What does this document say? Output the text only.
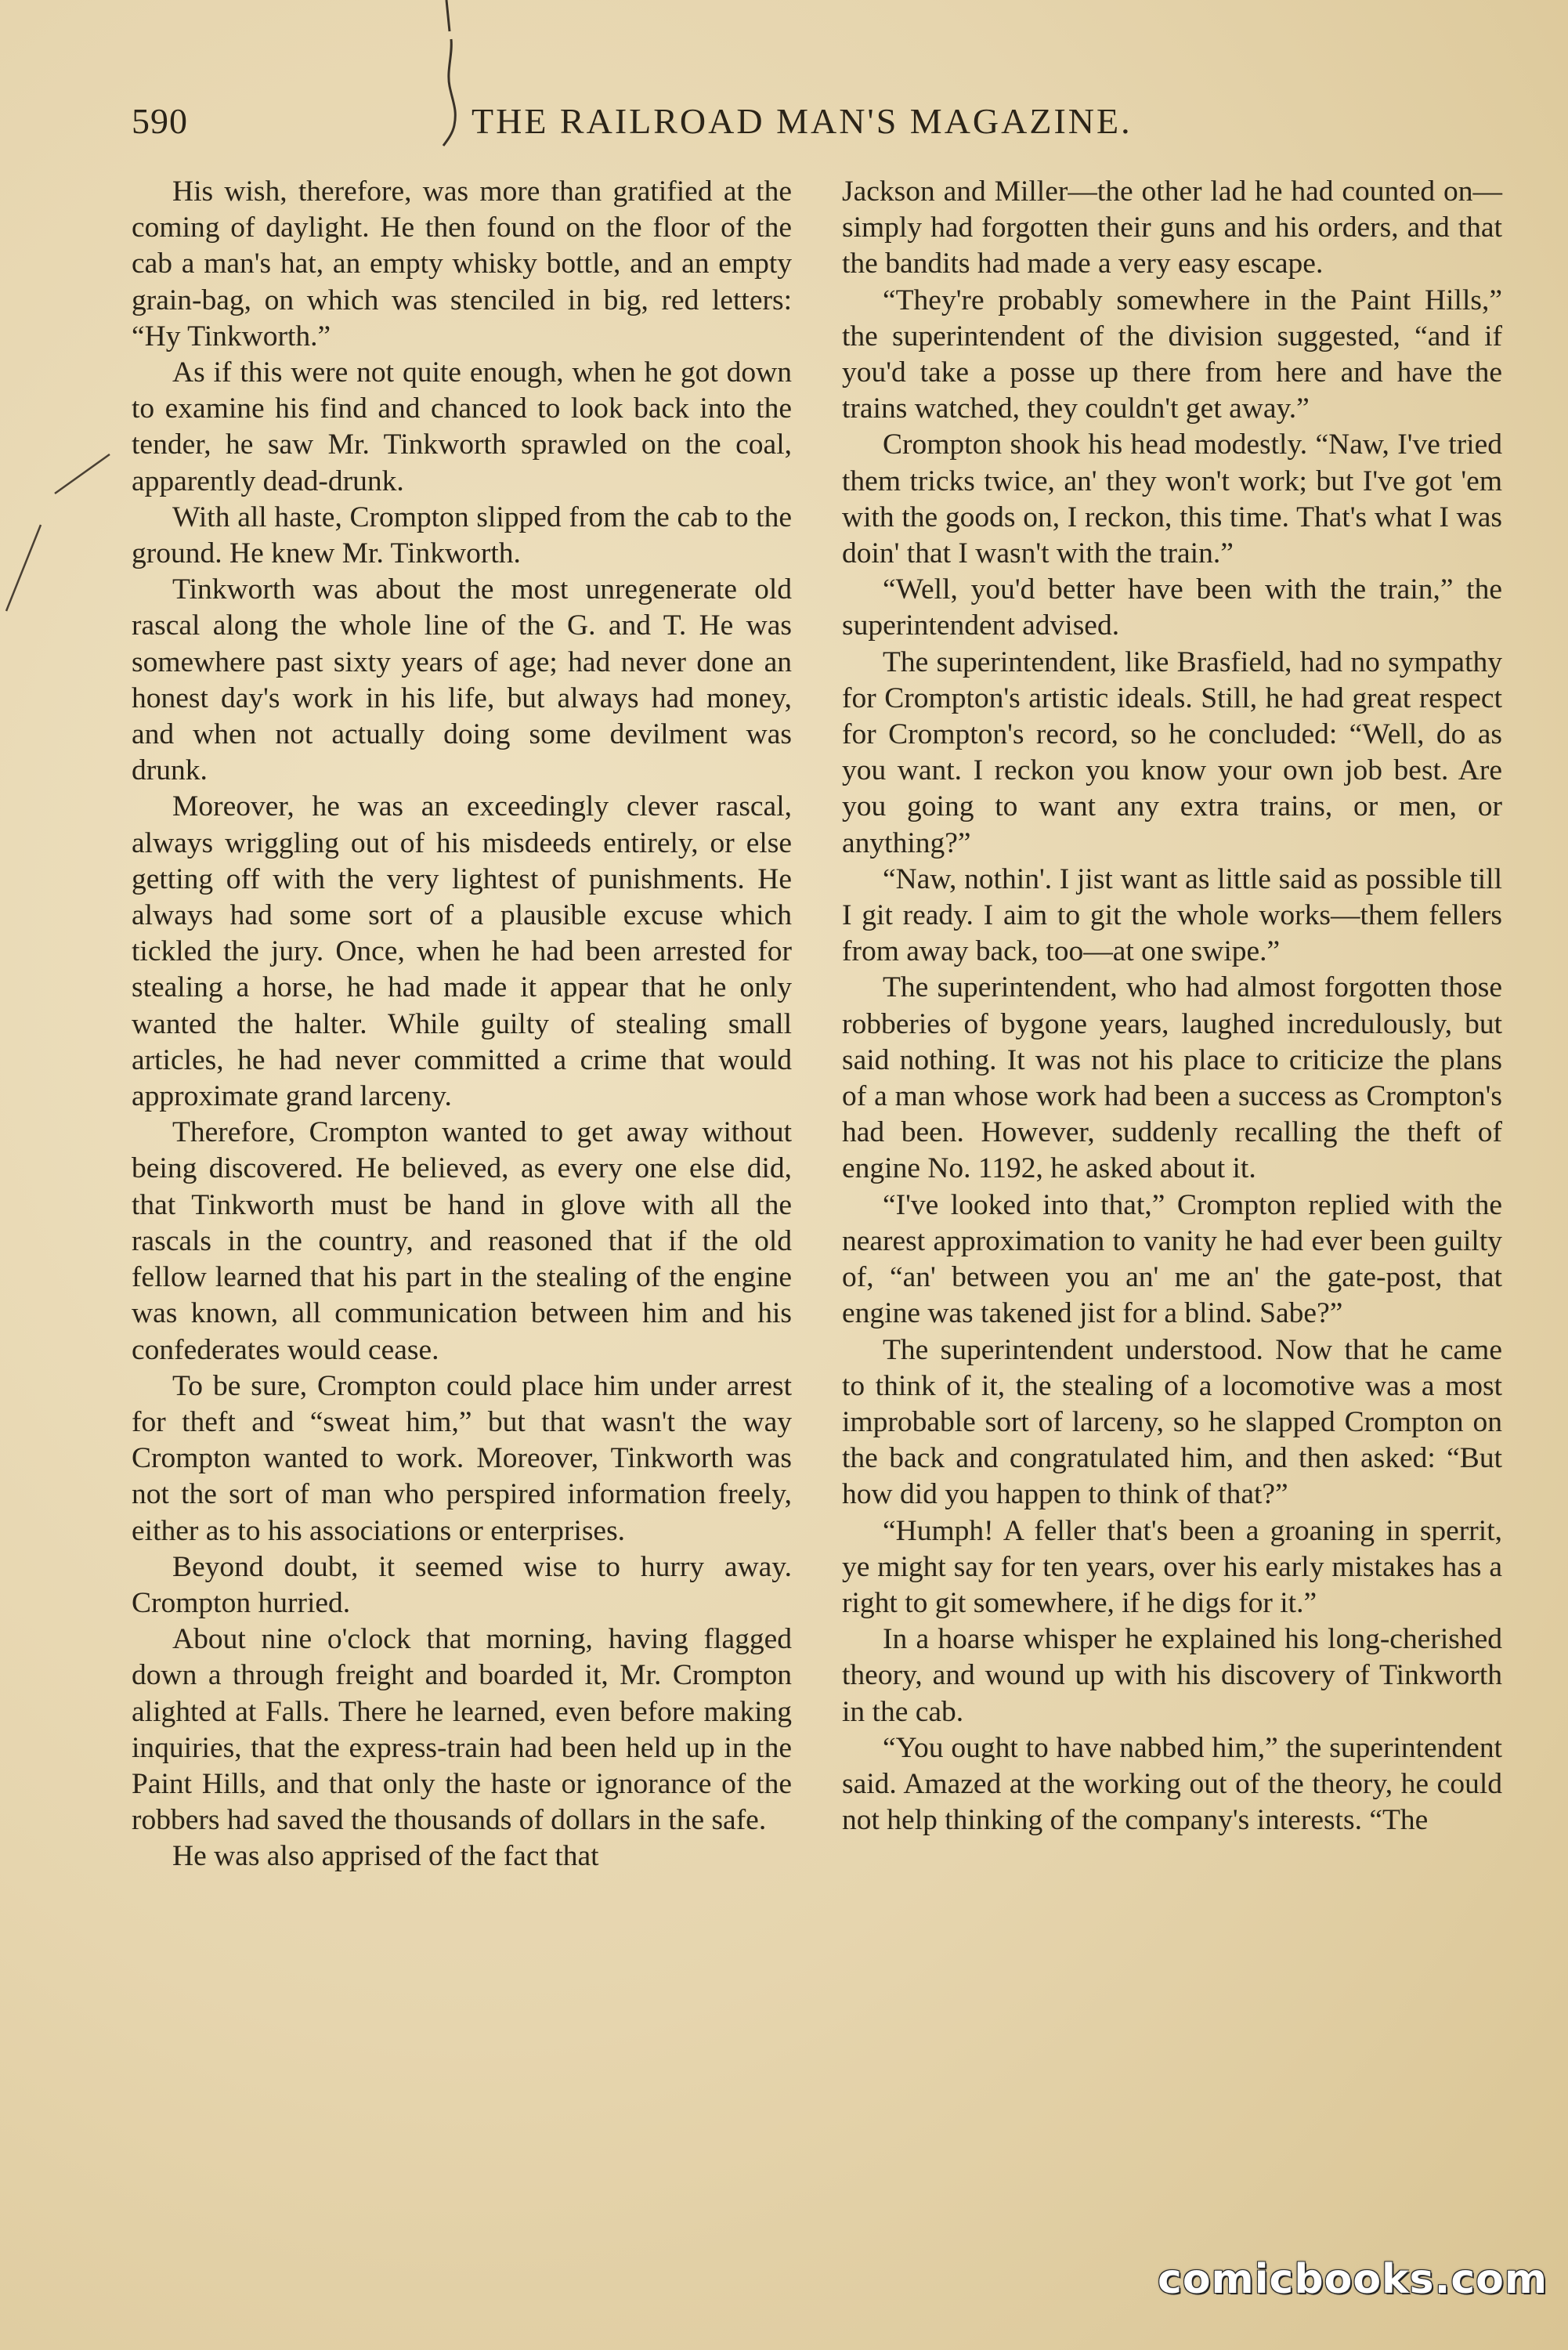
590	THE RAILROAD MAN'S MAGAZINE.

His wish, therefore, was more than gratified at the coming of daylight. He then found on the floor of the cab a man's hat, an empty whisky bottle, and an empty grain-bag, on which was stenciled in big, red letters: “Hy Tinkworth.”

As if this were not quite enough, when he got down to examine his find and chanced to look back into the tender, he saw Mr. Tinkworth sprawled on the coal, apparently dead-drunk.

With all haste, Crompton slipped from the cab to the ground. He knew Mr. Tinkworth.

Tinkworth was about the most unregenerate old rascal along the whole line of the G. and T. He was somewhere past sixty years of age; had never done an honest day's work in his life, but always had money, and when not actually doing some devilment was drunk.

Moreover, he was an exceedingly clever rascal, always wriggling out of his misdeeds entirely, or else getting off with the very lightest of punishments. He always had some sort of a plausible excuse which tickled the jury. Once, when he had been arrested for stealing a horse, he had made it appear that he only wanted the halter. While guilty of stealing small articles, he had never committed a crime that would approximate grand larceny.

Therefore, Crompton wanted to get away without being discovered. He believed, as every one else did, that Tinkworth must be hand in glove with all the rascals in the country, and reasoned that if the old fellow learned that his part in the stealing of the engine was known, all communication between him and his confederates would cease.

To be sure, Crompton could place him under arrest for theft and “sweat him,” but that wasn't the way Crompton wanted to work. Moreover, Tinkworth was not the sort of man who perspired information freely, either as to his associations or enterprises.

Beyond doubt, it seemed wise to hurry away. Crompton hurried.

About nine o'clock that morning, having flagged down a through freight and boarded it, Mr. Crompton alighted at Falls. There he learned, even before making inquiries, that the express-train had been held up in the Paint Hills, and that only the haste or ignorance of the robbers had saved the thousands of dollars in the safe.

He was also apprised of the fact that

Jackson and Miller—the other lad he had counted on—simply had forgotten their guns and his orders, and that the bandits had made a very easy escape.

“They're probably somewhere in the Paint Hills,” the superintendent of the division suggested, “and if you'd take a posse up there from here and have the trains watched, they couldn't get away.”

Crompton shook his head modestly. “Naw, I've tried them tricks twice, an' they won't work; but I've got 'em with the goods on, I reckon, this time. That's what I was doin' that I wasn't with the train.”

“Well, you'd better have been with the train,” the superintendent advised.

The superintendent, like Brasfield, had no sympathy for Crompton's artistic ideals. Still, he had great respect for Crompton's record, so he concluded: “Well, do as you want. I reckon you know your own job best. Are you going to want any extra trains, or men, or anything?”

“Naw, nothin'. I jist want as little said as possible till I git ready. I aim to git the whole works—them fellers from away back, too—at one swipe.”

The superintendent, who had almost forgotten those robberies of bygone years, laughed incredulously, but said nothing. It was not his place to criticize the plans of a man whose work had been a success as Crompton's had been. However, suddenly recalling the theft of engine No. 1192, he asked about it.

“I've looked into that,” Crompton replied with the nearest approximation to vanity he had ever been guilty of, “an' between you an' me an' the gate-post, that engine was takened jist for a blind. Sabe?”

The superintendent understood. Now that he came to think of it, the stealing of a locomotive was a most improbable sort of larceny, so he slapped Crompton on the back and congratulated him, and then asked: “But how did you happen to think of that?”

“Humph! A feller that's been a groaning in sperrit, ye might say for ten years, over his early mistakes has a right to git somewhere, if he digs for it.”

In a hoarse whisper he explained his long-cherished theory, and wound up with his discovery of Tinkworth in the cab.

“You ought to have nabbed him,” the superintendent said. Amazed at the working out of the theory, he could not help thinking of the company's interests. “The

comicbooks.com
